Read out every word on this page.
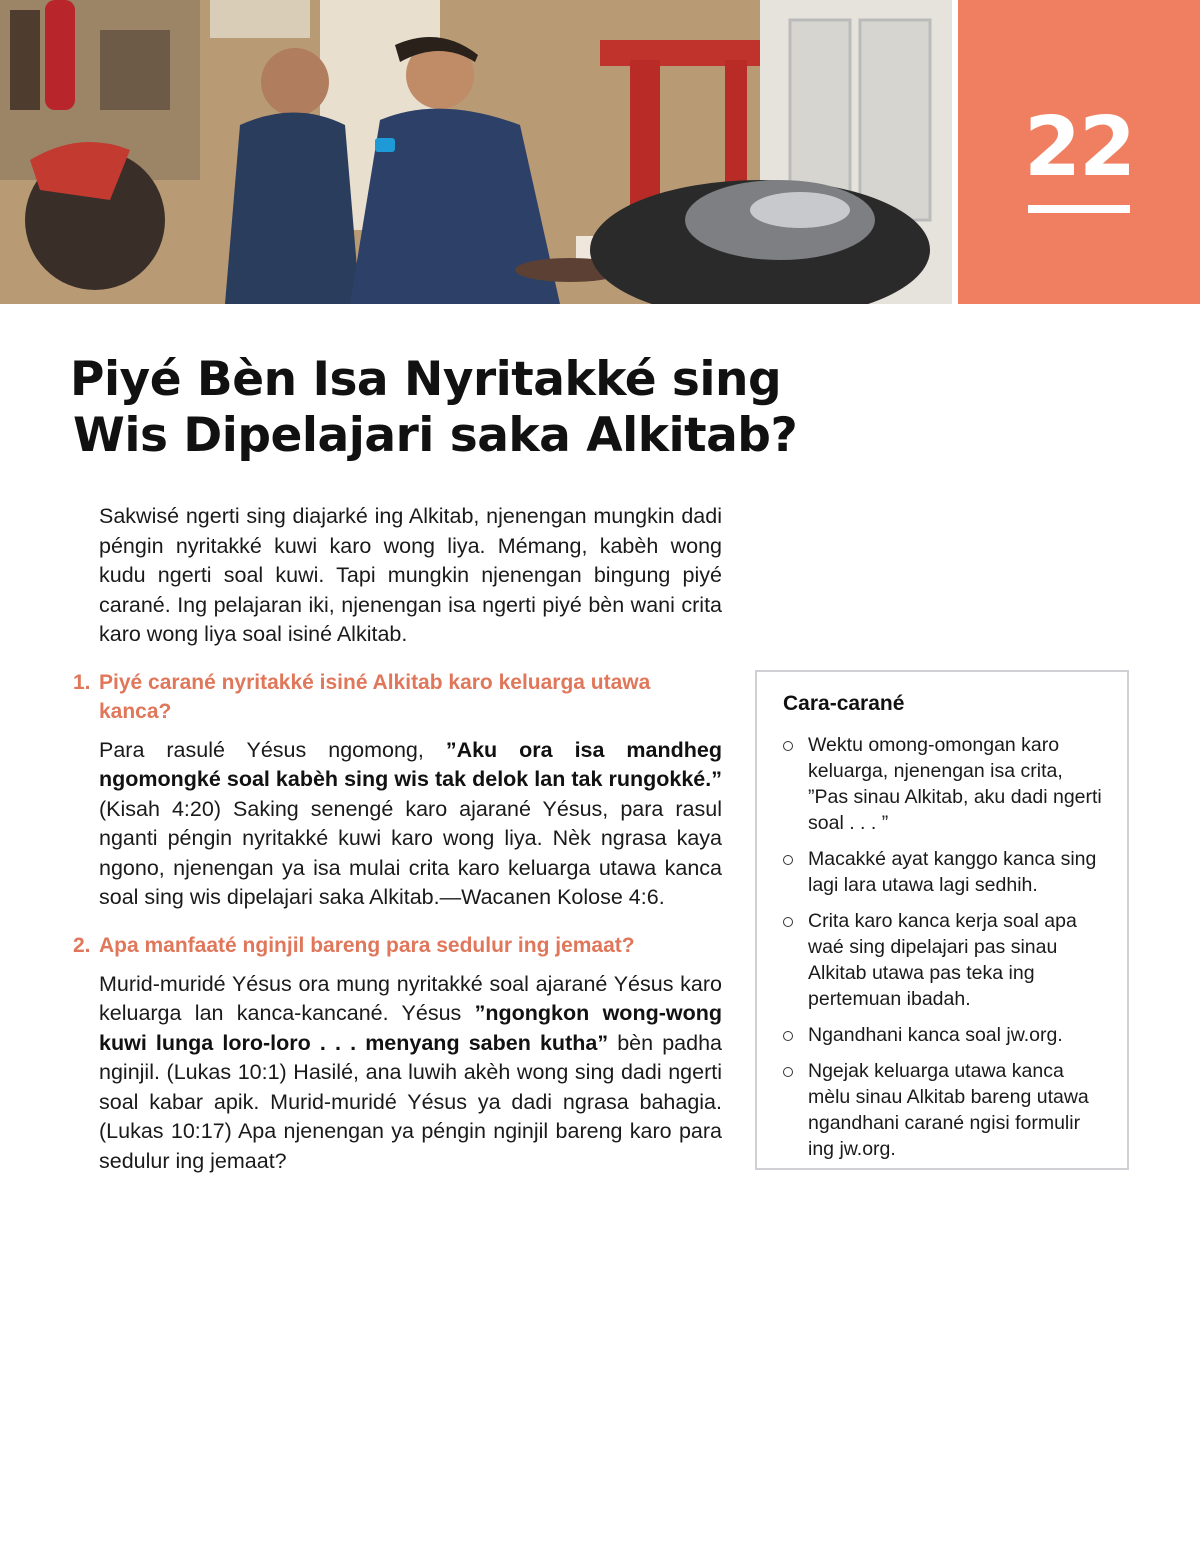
22
Piyé Bèn Isa Nyritakké sing
Wis Dipelajari saka Alkitab?

Sakwisé ngerti sing diajarké ing Alkitab, njenengan mungkin dadi péngin nyritakké kuwi karo wong liya. Mémang, kabèh wong kudu ngerti soal kuwi. Tapi mungkin njenengan bingung piyé carané. Ing pelajaran iki, njenengan isa ngerti piyé bèn wani crita karo wong liya soal isiné Alkitab.

1. Piyé carané nyritakké isiné Alkitab karo keluarga utawa kanca?

Para rasulé Yésus ngomong, ”Aku ora isa mandheg ngomongké soal kabèh sing wis tak delok lan tak rungokké.” (Kisah 4:20) Saking senengé karo ajarané Yésus, para rasul nganti péngin nyritakké kuwi karo wong liya. Nèk ngrasa kaya ngono, njenengan ya isa mulai crita karo keluarga utawa kanca soal sing wis dipelajari saka Alkitab.—Wacanen Kolose 4:6.

2. Apa manfaaté nginjil bareng para sedulur ing jemaat?

Murid-muridé Yésus ora mung nyritakké soal ajarané Yésus karo keluarga lan kanca-kancané. Yésus ”ngongkon wong-wong kuwi lunga loro-loro . . . menyang saben kutha” bèn padha nginjil. (Lukas 10:1) Hasilé, ana luwih akèh wong sing dadi ngerti soal kabar apik. Murid-muridé Yésus ya dadi ngrasa bahagia. (Lukas 10:17) Apa njenengan ya péngin nginjil bareng karo para sedulur ing jemaat?

Cara-carané
Wektu omong-omongan karo keluarga, njenengan isa crita, ”Pas sinau Alkitab, aku dadi ngerti soal . . . ”
Macakké ayat kanggo kanca sing lagi lara utawa lagi sedhih.
Crita karo kanca kerja soal apa waé sing dipelajari pas sinau Alkitab utawa pas teka ing pertemuan ibadah.
Ngandhani kanca soal jw.org.
Ngejak keluarga utawa kanca mèlu sinau Alkitab bareng utawa ngandhani carané ngisi formulir ing jw.org.
